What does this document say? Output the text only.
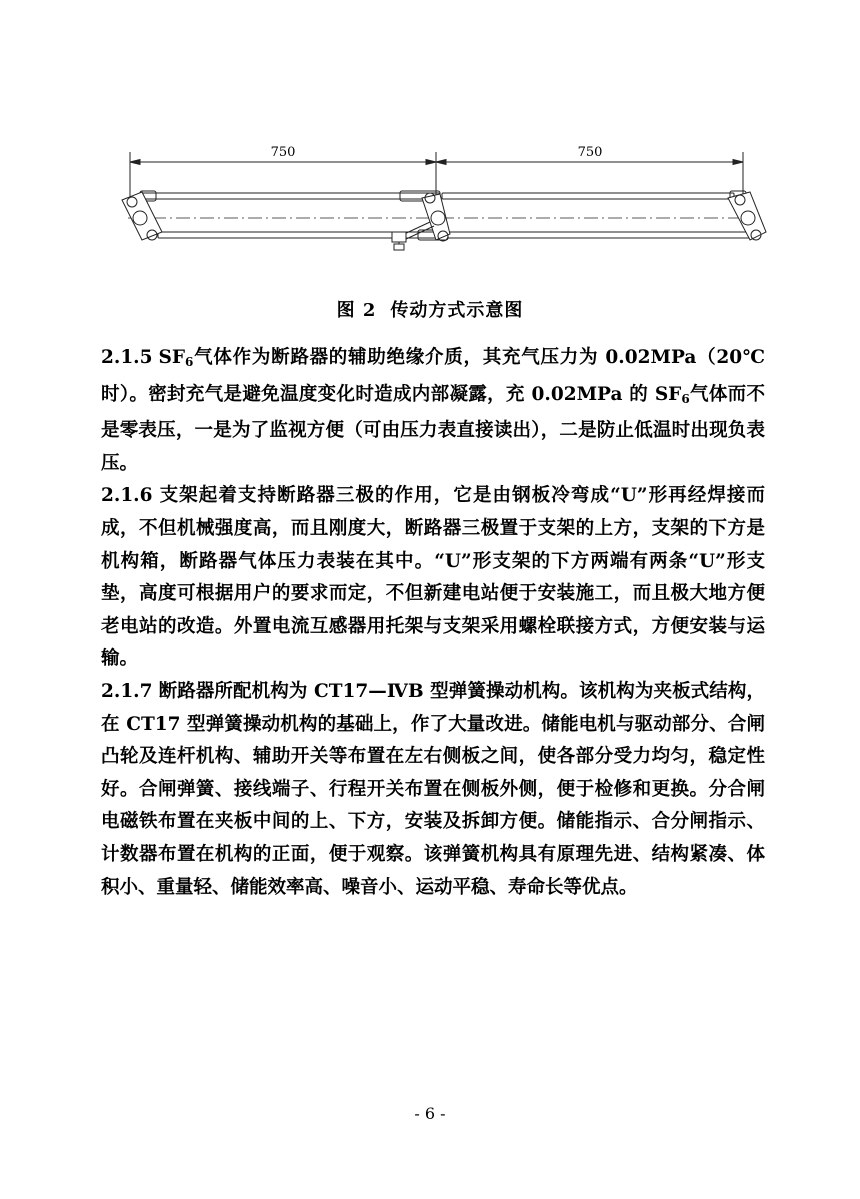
750	750
图 2 传动方式示意图

2.1.5 $SF_6$气体作为断路器的辅助绝缘介质，其充气压力为 0.02MPa（20℃时）。密封充气是避免温度变化时造成内部凝露，充 0.02MPa 的 $SF_6$气体而不是零表压，一是为了监视方便（可由压力表直接读出），二是防止低温时出现负表压。

2.1.6 支架起着支持断路器三极的作用，它是由钢板冷弯成“U”形再经焊接而成，不但机械强度高，而且刚度大，断路器三极置于支架的上方，支架的下方是机构箱，断路器气体压力表装在其中。“U”形支架的下方两端有两条“U”形支垫，高度可根据用户的要求而定，不但新建电站便于安装施工，而且极大地方便老电站的改造。外置电流互感器用托架与支架采用螺栓联接方式，方便安装与运输。

2.1.7 断路器所配机构为 CT17—ⅣB 型弹簧操动机构。该机构为夹板式结构，在 CT17 型弹簧操动机构的基础上，作了大量改进。储能电机与驱动部分、合闸凸轮及连杆机构、辅助开关等布置在左右侧板之间，使各部分受力均匀，稳定性好。合闸弹簧、接线端子、行程开关布置在侧板外侧，便于检修和更换。分合闸电磁铁布置在夹板中间的上、下方，安装及拆卸方便。储能指示、合分闸指示、计数器布置在机构的正面，便于观察。该弹簧机构具有原理先进、结构紧凑、体积小、重量轻、储能效率高、噪音小、运动平稳、寿命长等优点。

- 6 -
